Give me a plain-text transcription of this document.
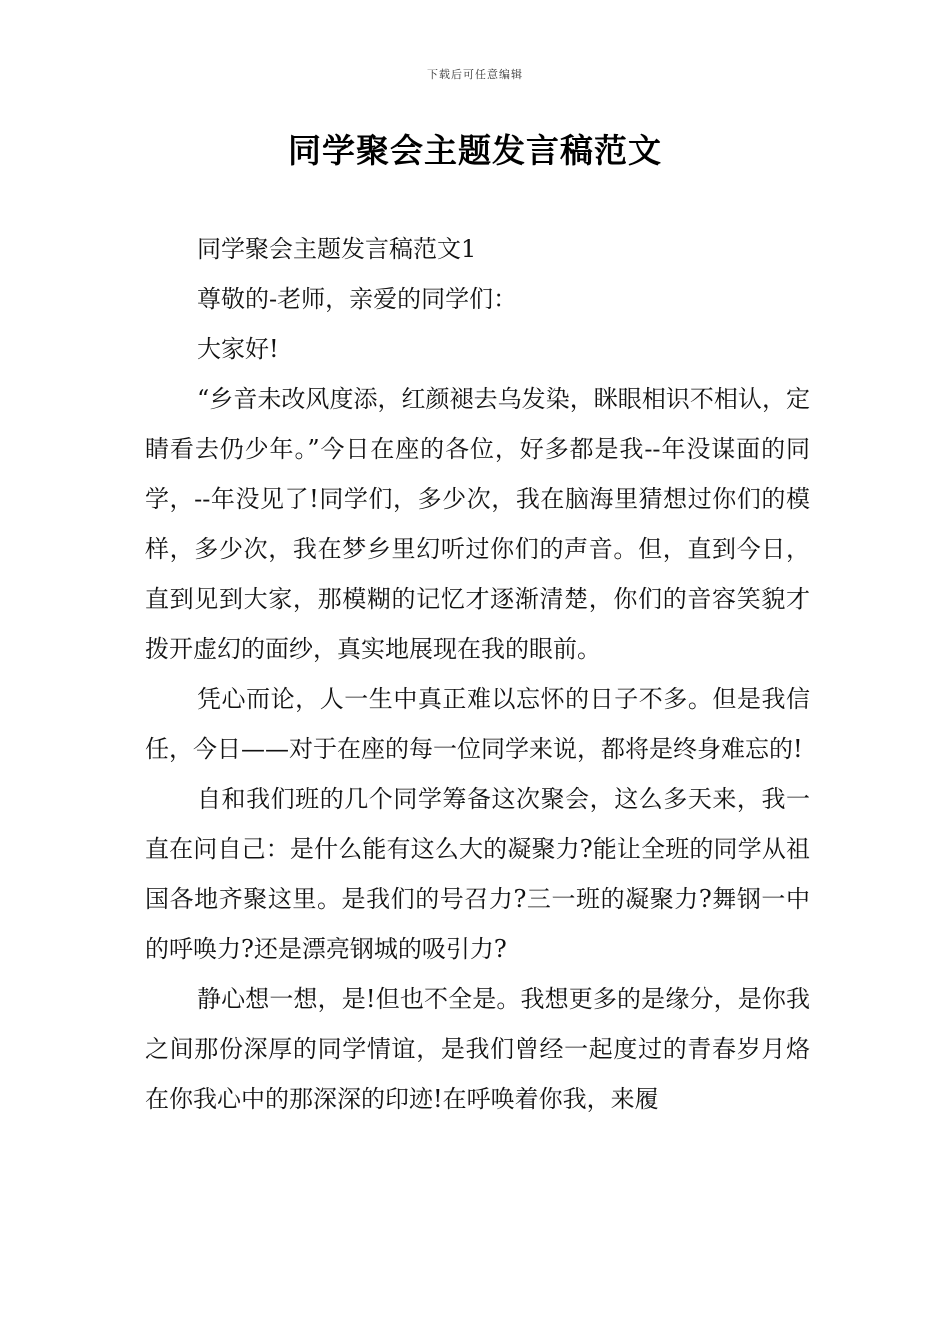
下载后可任意编辑
同学聚会主题发言稿范文

同学聚会主题发言稿范文1

尊敬的-老师，亲爱的同学们：

大家好!

“乡音未改风度添，红颜褪去乌发染，眯眼相识不相认，定睛看去仍少年。”今日在座的各位，好多都是我--年没谋面的同学，--年没见了!同学们，多少次，我在脑海里猜想过你们的模样，多少次，我在梦乡里幻听过你们的声音。但，直到今日，直到见到大家，那模糊的记忆才逐渐清楚，你们的音容笑貌才拨开虚幻的面纱，真实地展现在我的眼前。

凭心而论，人一生中真正难以忘怀的日子不多。但是我信任，今日——对于在座的每一位同学来说，都将是终身难忘的!

自和我们班的几个同学筹备这次聚会，这么多天来，我一直在问自己：是什么能有这么大的凝聚力?能让全班的同学从祖国各地齐聚这里。是我们的号召力?三一班的凝聚力?舞钢一中的呼唤力?还是漂亮钢城的吸引力?

静心想一想，是!但也不全是。我想更多的是缘分，是你我之间那份深厚的同学情谊，是我们曾经一起度过的青春岁月烙在你我心中的那深深的印迹!在呼唤着你我，来履
